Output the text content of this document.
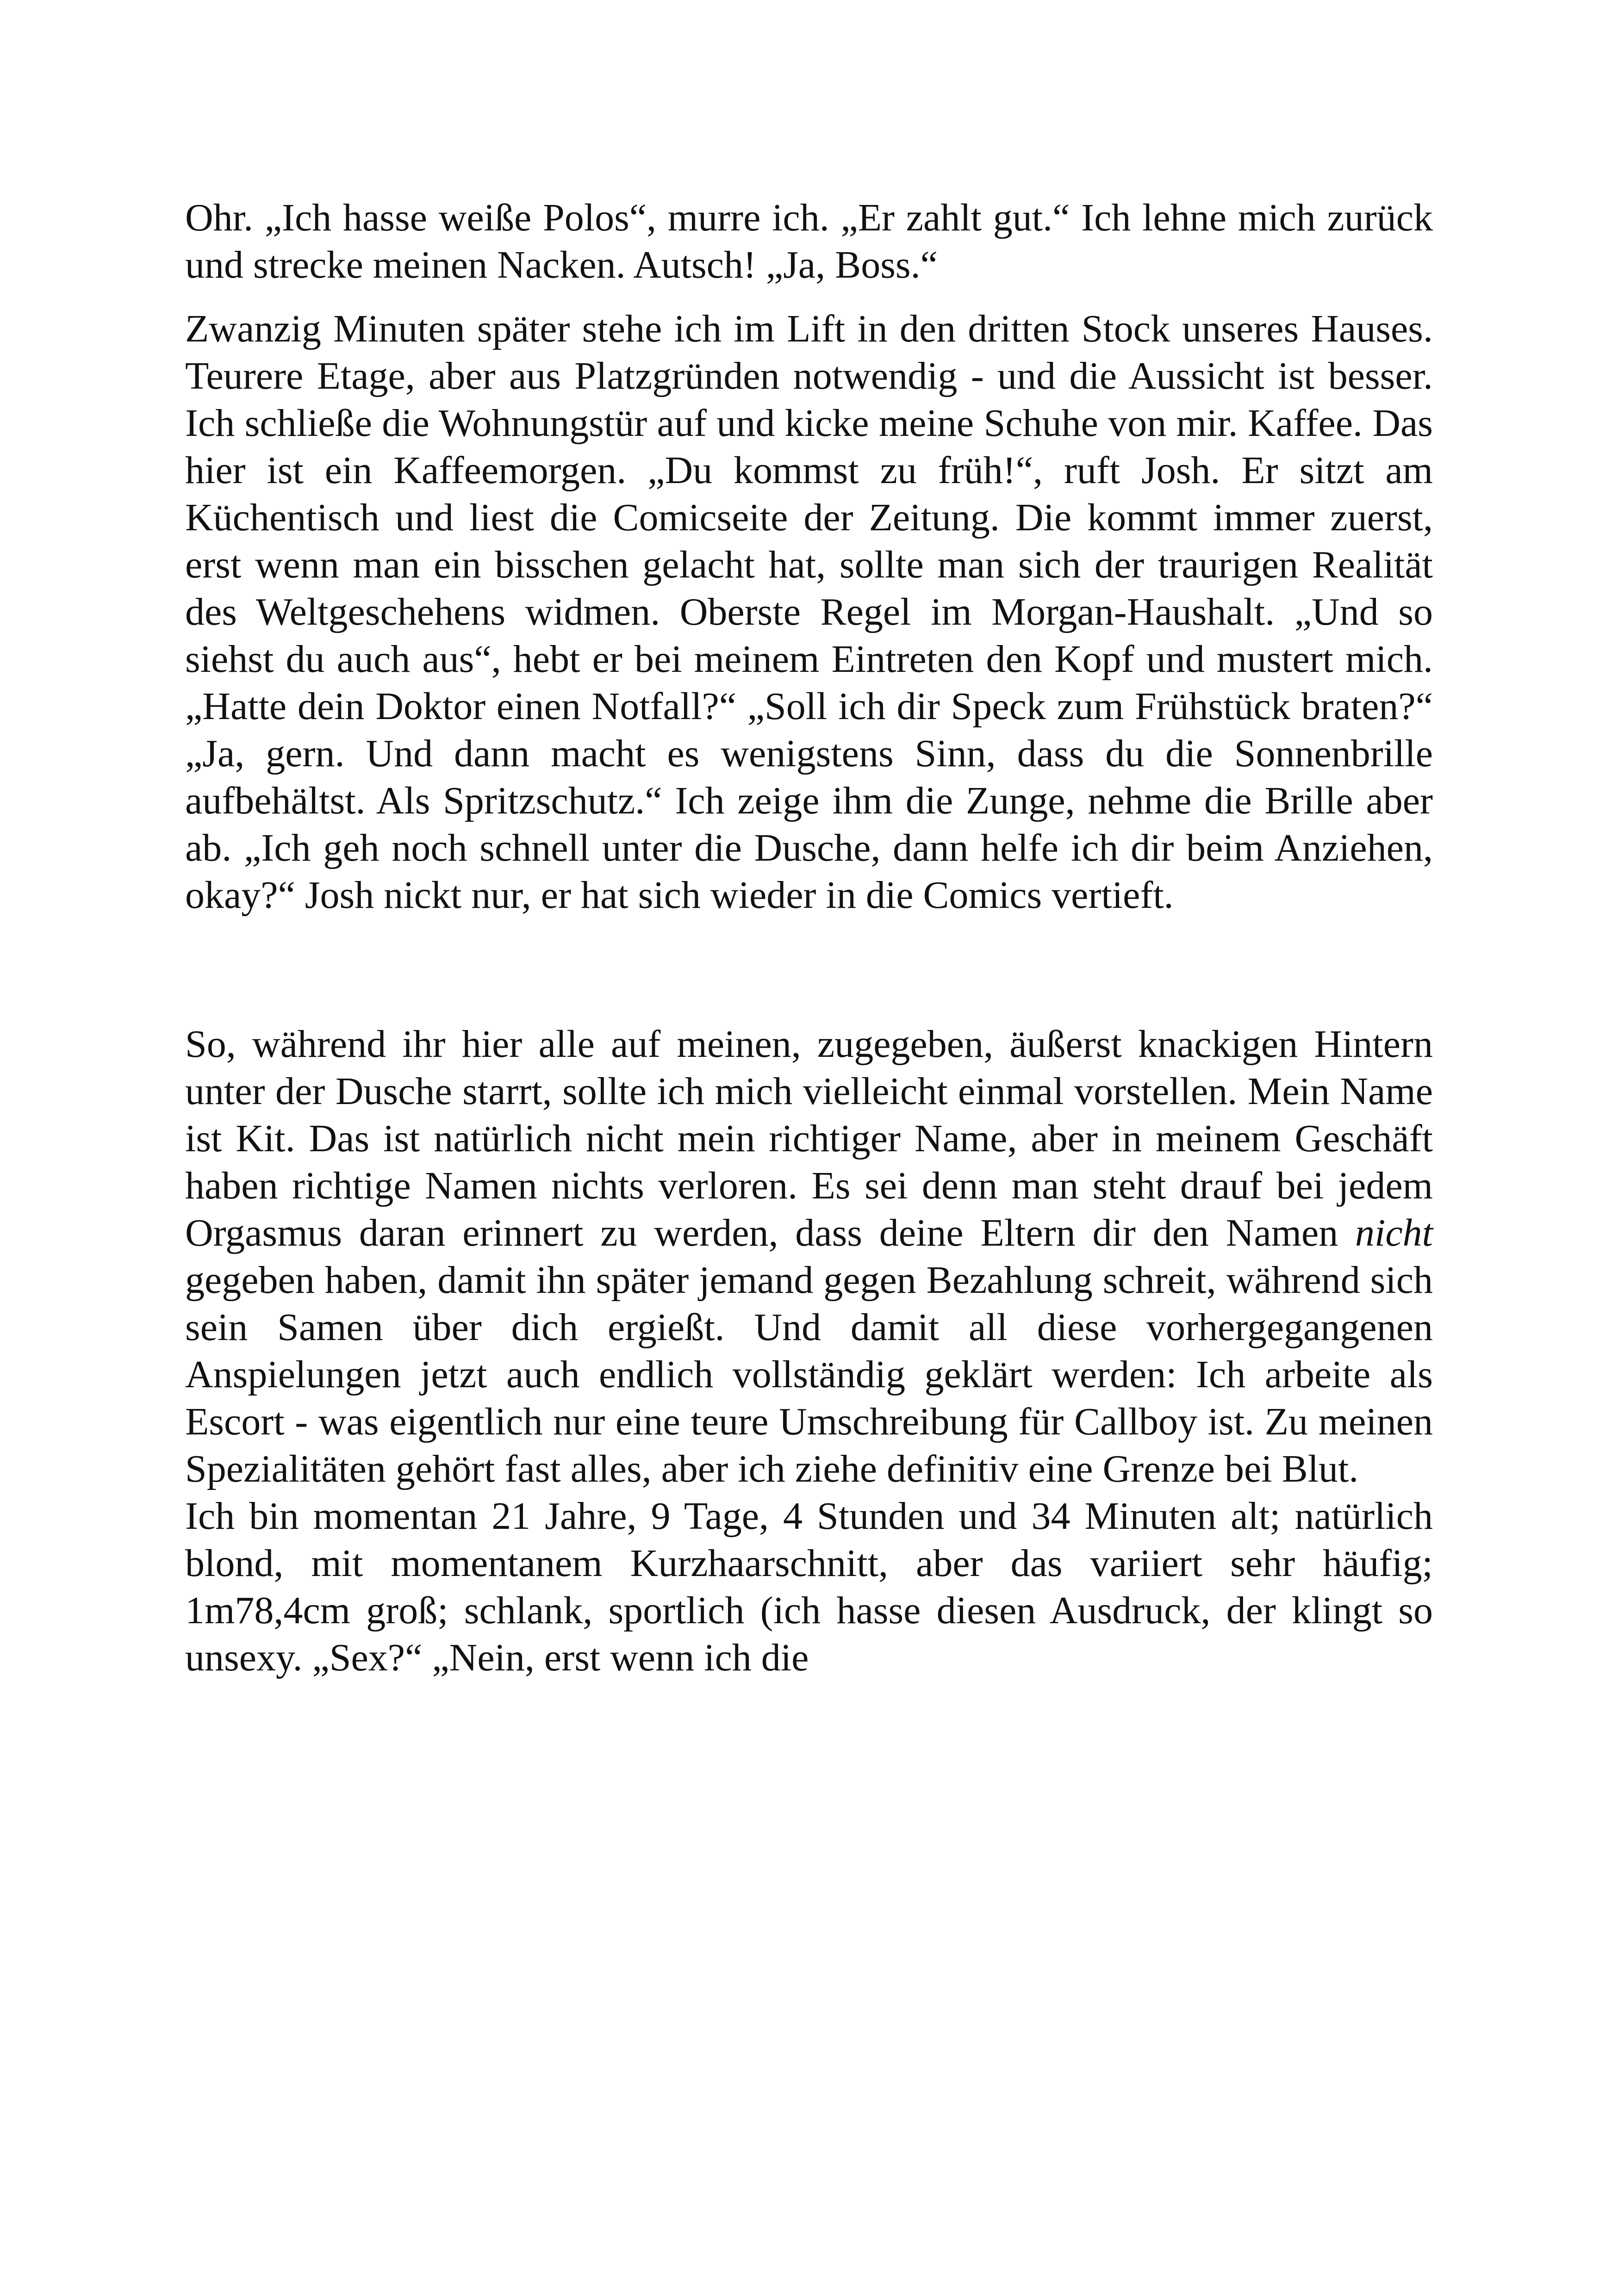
Ohr. „Ich hasse weiße Polos“, murre ich. „Er zahlt gut.“ Ich lehne mich zurück und strecke meinen Nacken. Autsch! „Ja, Boss.“

Zwanzig Minuten später stehe ich im Lift in den dritten Stock unseres Hauses. Teurere Etage, aber aus Platzgründen notwendig - und die Aussicht ist besser. Ich schließe die Wohnungstür auf und kicke meine Schuhe von mir. Kaffee. Das hier ist ein Kaffeemorgen. „Du kommst zu früh!“, ruft Josh. Er sitzt am Küchentisch und liest die Comicseite der Zeitung. Die kommt immer zuerst, erst wenn man ein bisschen gelacht hat, sollte man sich der traurigen Realität des Weltgeschehens widmen. Oberste Regel im Morgan-Haushalt. „Und so siehst du auch aus“, hebt er bei meinem Eintreten den Kopf und mustert mich. „Hatte dein Doktor einen Notfall?“ „Soll ich dir Speck zum Frühstück braten?“ „Ja, gern. Und dann macht es wenigstens Sinn, dass du die Sonnenbrille aufbehältst. Als Spritzschutz.“ Ich zeige ihm die Zunge, nehme die Brille aber ab. „Ich geh noch schnell unter die Dusche, dann helfe ich dir beim Anziehen, okay?“ Josh nickt nur, er hat sich wieder in die Comics vertieft.

So, während ihr hier alle auf meinen, zugegeben, äußerst knackigen Hintern unter der Dusche starrt, sollte ich mich vielleicht einmal vorstellen. Mein Name ist Kit. Das ist natürlich nicht mein richtiger Name, aber in meinem Geschäft haben richtige Namen nichts verloren. Es sei denn man steht drauf bei jedem Orgasmus daran erinnert zu werden, dass deine Eltern dir den Namen nicht gegeben haben, damit ihn später jemand gegen Bezahlung schreit, während sich sein Samen über dich ergießt. Und damit all diese vorhergegangenen Anspielungen jetzt auch endlich vollständig geklärt werden: Ich arbeite als Escort - was eigentlich nur eine teure Umschreibung für Callboy ist. Zu meinen Spezialitäten gehört fast alles, aber ich ziehe definitiv eine Grenze bei Blut.

Ich bin momentan 21 Jahre, 9 Tage, 4 Stunden und 34 Minuten alt; natürlich blond, mit momentanem Kurzhaarschnitt, aber das variiert sehr häufig; 1m78,4cm groß; schlank, sportlich (ich hasse diesen Ausdruck, der klingt so unsexy. „Sex?“ „Nein, erst wenn ich die
